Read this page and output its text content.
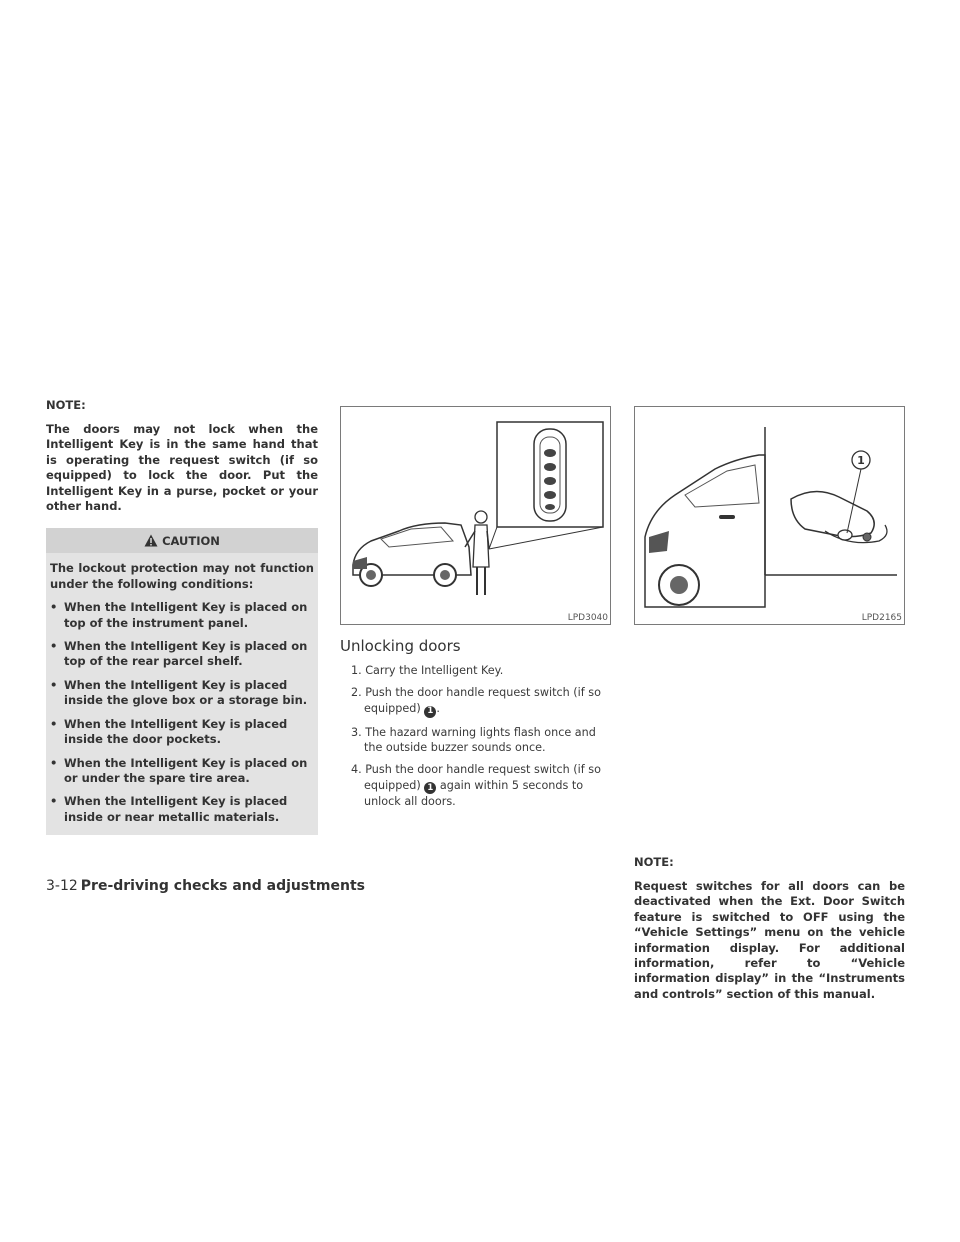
NOTE:

The doors may not lock when the Intelligent Key is in the same hand that is operating the request switch (if so equipped) to lock the door. Put the Intelligent Key in a purse, pocket or your other hand.

CAUTION

The lockout protection may not function under the following conditions:

• When the Intelligent Key is placed on top of the instrument panel.
• When the Intelligent Key is placed on top of the rear parcel shelf.
• When the Intelligent Key is placed inside the glove box or a storage bin.
• When the Intelligent Key is placed inside the door pockets.
• When the Intelligent Key is placed on or under the spare tire area.
• When the Intelligent Key is placed inside or near metallic materials.
LPD3040
Unlocking doors
1. Carry the Intelligent Key.
2. Push the door handle request switch (if so equipped) 1 .
3. The hazard warning lights flash once and the outside buzzer sounds once.
4. Push the door handle request switch (if so equipped) 1 again within 5 seconds to unlock all doors.
1
LPD2165

NOTE:

Request switches for all doors can be deactivated when the Ext. Door Switch feature is switched to OFF using the “Vehicle Settings” menu on the vehicle information display. For additional information, refer to “Vehicle information display” in the “Instruments and controls” section of this manual.

3-12 Pre-driving checks and adjustments
